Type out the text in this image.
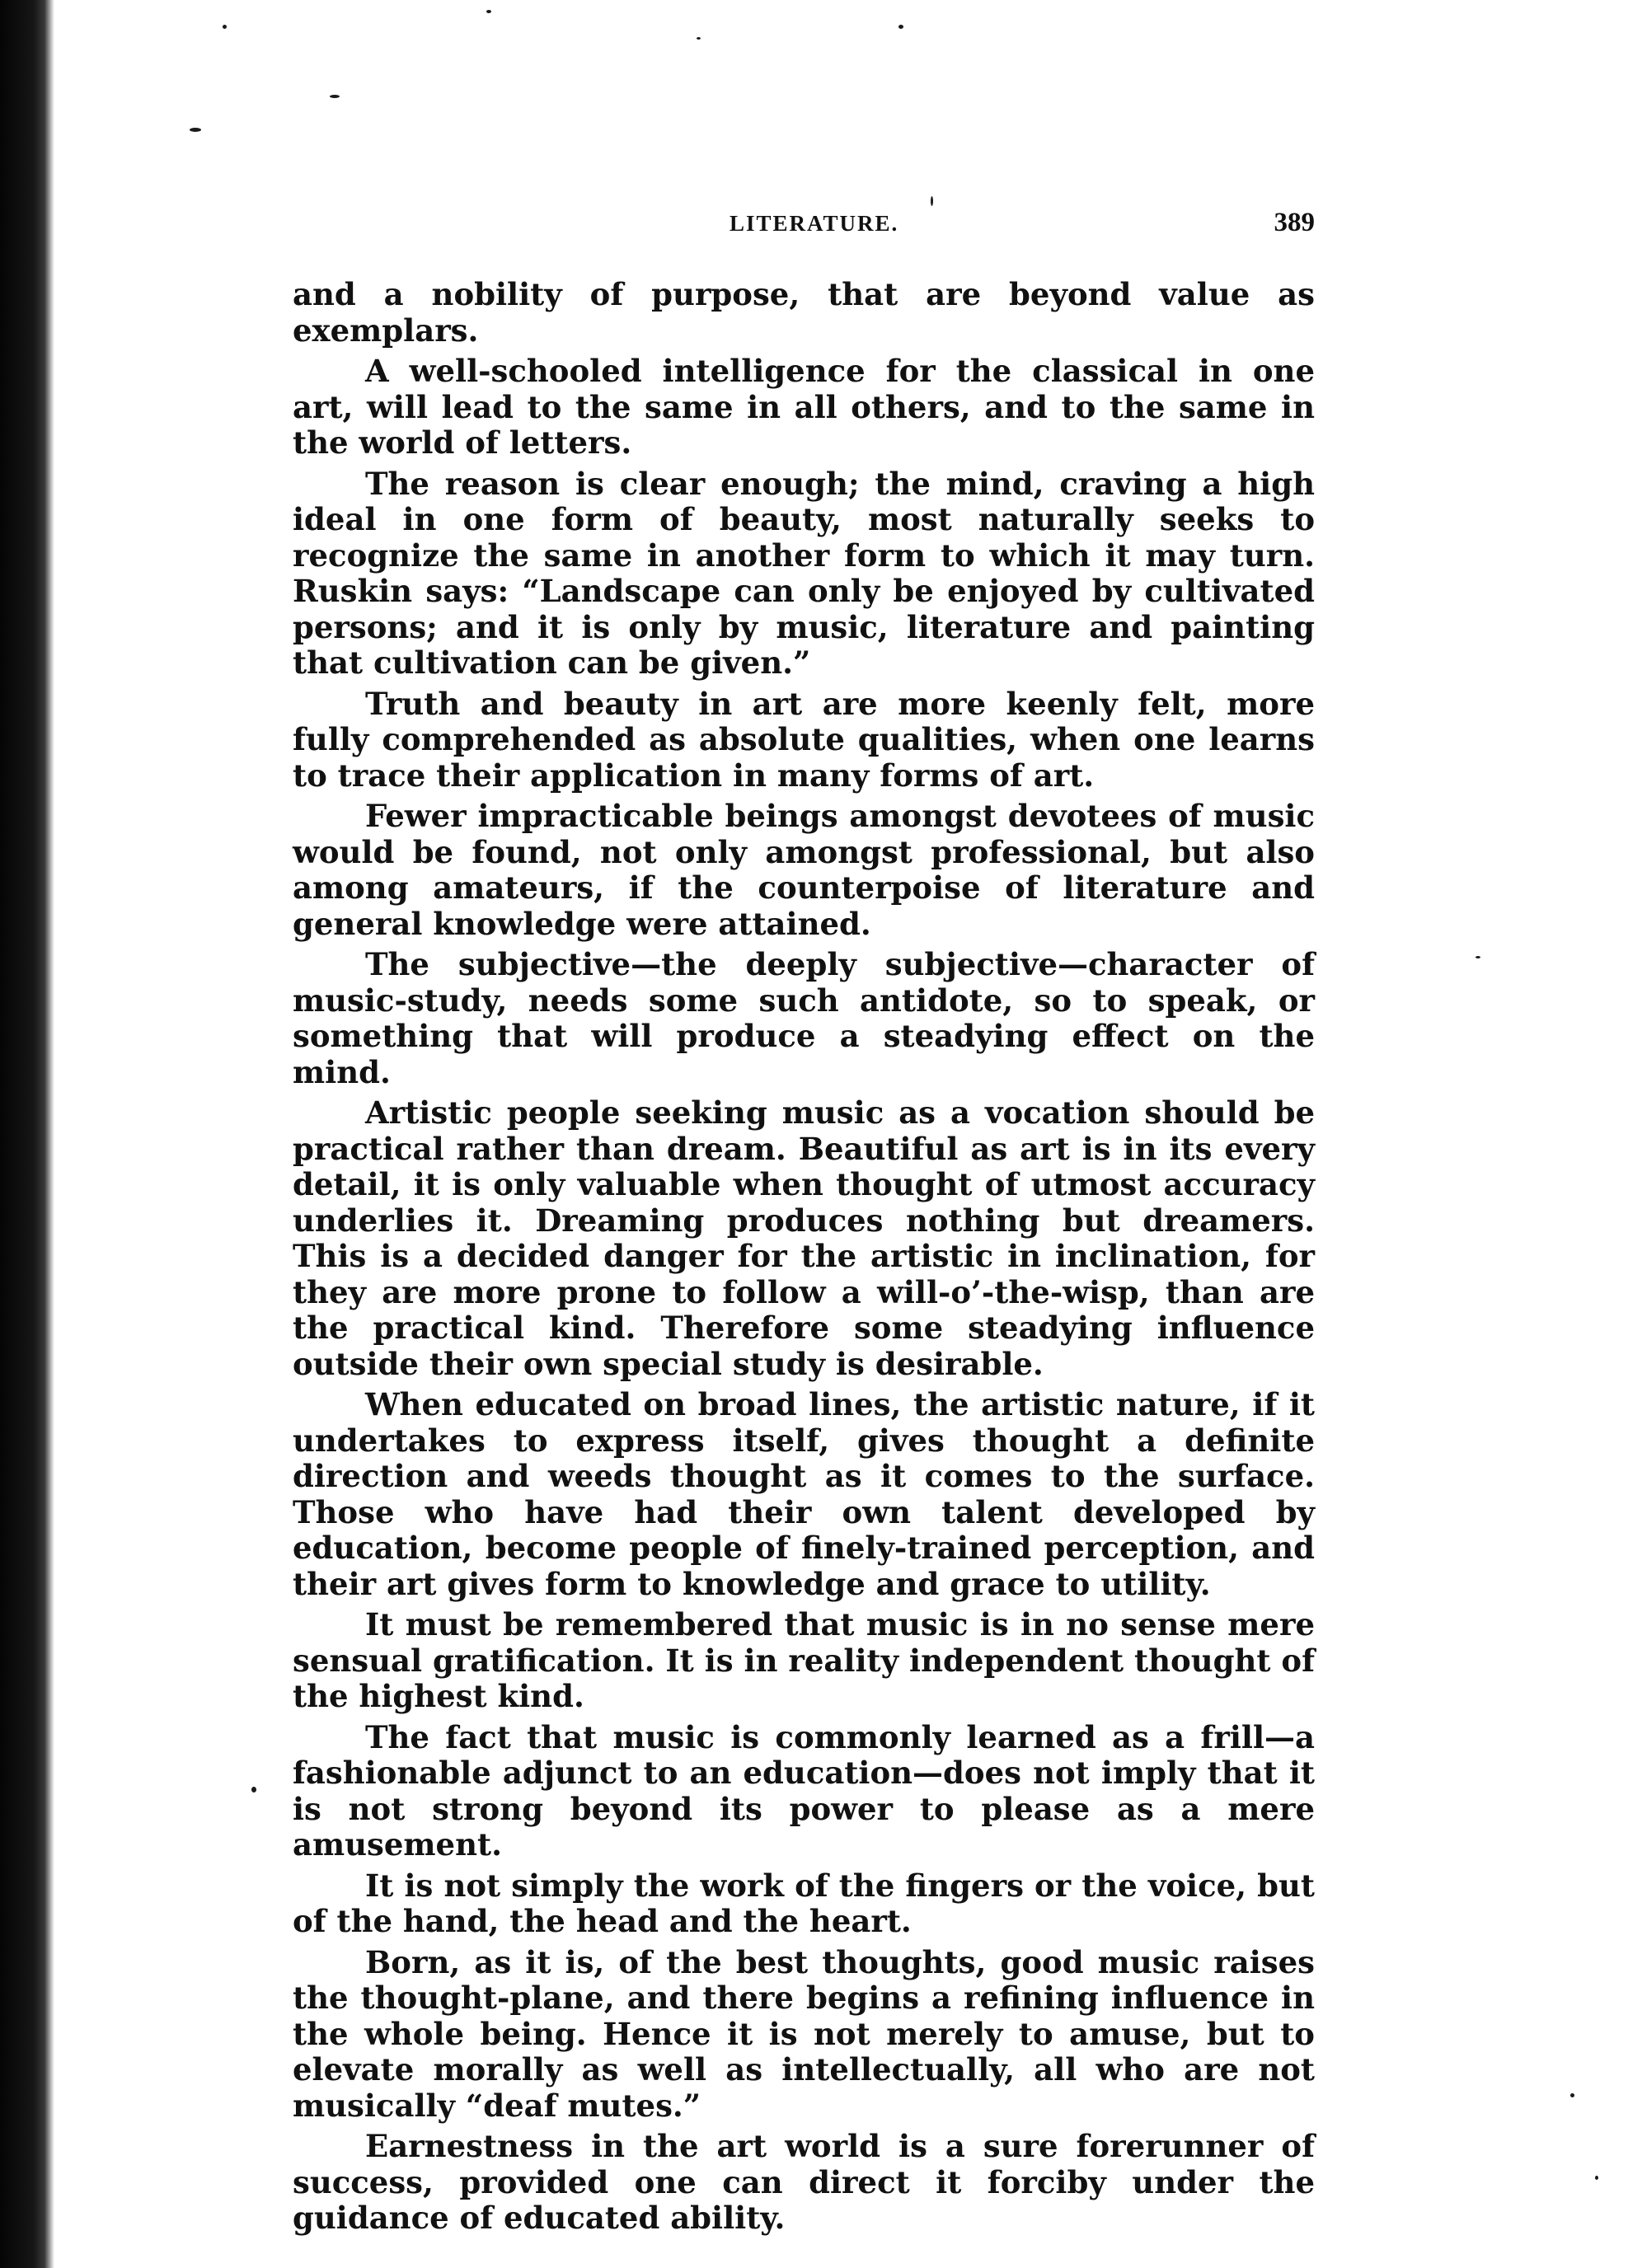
LITERATURE.	389

and a nobility of purpose, that are beyond value as exemplars.

A well-schooled intelligence for the classical in one art, will lead to the same in all others, and to the same in the world of letters.

The reason is clear enough; the mind, craving a high ideal in one form of beauty, most naturally seeks to recognize the same in another form to which it may turn. Ruskin says: “Landscape can only be enjoyed by cultivated persons; and it is only by music, literature and painting that cultivation can be given.”

Truth and beauty in art are more keenly felt, more fully comprehended as absolute qualities, when one learns to trace their application in many forms of art.

Fewer impracticable beings amongst devotees of music would be found, not only amongst professional, but also among amateurs, if the counterpoise of literature and general knowledge were attained.

The subjective—the deeply subjective—character of music-study, needs some such antidote, so to speak, or something that will produce a steadying effect on the mind.

Artistic people seeking music as a vocation should be practical rather than dream. Beautiful as art is in its every detail, it is only valuable when thought of utmost accuracy underlies it. Dreaming produces nothing but dreamers. This is a decided danger for the artistic in inclination, for they are more prone to follow a will-o’-the-wisp, than are the practical kind. Therefore some steadying influence outside their own special study is desirable.

When educated on broad lines, the artistic nature, if it undertakes to express itself, gives thought a definite direction and weeds thought as it comes to the surface. Those who have had their own talent developed by education, become people of finely-trained perception, and their art gives form to knowledge and grace to utility.

It must be remembered that music is in no sense mere sensual gratification. It is in reality independent thought of the highest kind.

The fact that music is commonly learned as a frill—a fashionable adjunct to an education—does not imply that it is not strong beyond its power to please as a mere amusement.

It is not simply the work of the fingers or the voice, but of the hand, the head and the heart.

Born, as it is, of the best thoughts, good music raises the thought-plane, and there begins a refining influence in the whole being. Hence it is not merely to amuse, but to elevate morally as well as intellectually, all who are not musically “deaf mutes.”

Earnestness in the art world is a sure forerunner of success, provided one can direct it forciby under the guidance of educated ability.
